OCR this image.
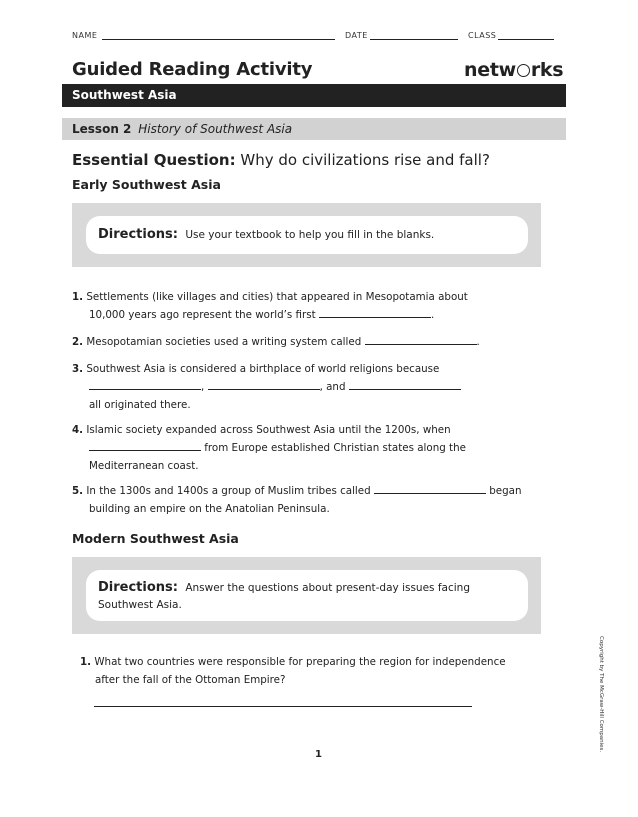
NAME	DATE	CLASS
Guided Reading Activity	netw rks
Southwest Asia
Lesson 2 History of Southwest Asia
Essential Question: Why do civilizations rise and fall?
Early Southwest Asia
Directions: Use your textbook to help you fill in the blanks.
1. Settlements (like villages and cities) that appeared in Mesopotamia about
10,000 years ago represent the world’s first	.
2. Mesopotamian societies used a writing system called	.
3. Southwest Asia is considered a birthplace of world religions because
,	, and
all originated there.
4. Islamic society expanded across Southwest Asia until the 1200s, when
from Europe established Christian states along the
Mediterranean coast.
5. In the 1300s and 1400s a group of Muslim tribes called	began
building an empire on the Anatolian Peninsula.
Modern Southwest Asia
Directions: Answer the questions about present-day issues facing
Southwest Asia.
1. What two countries were responsible for preparing the region for independence
after the fall of the Ottoman Empire?
1
Copyright by The McGraw-Hill Companies.
